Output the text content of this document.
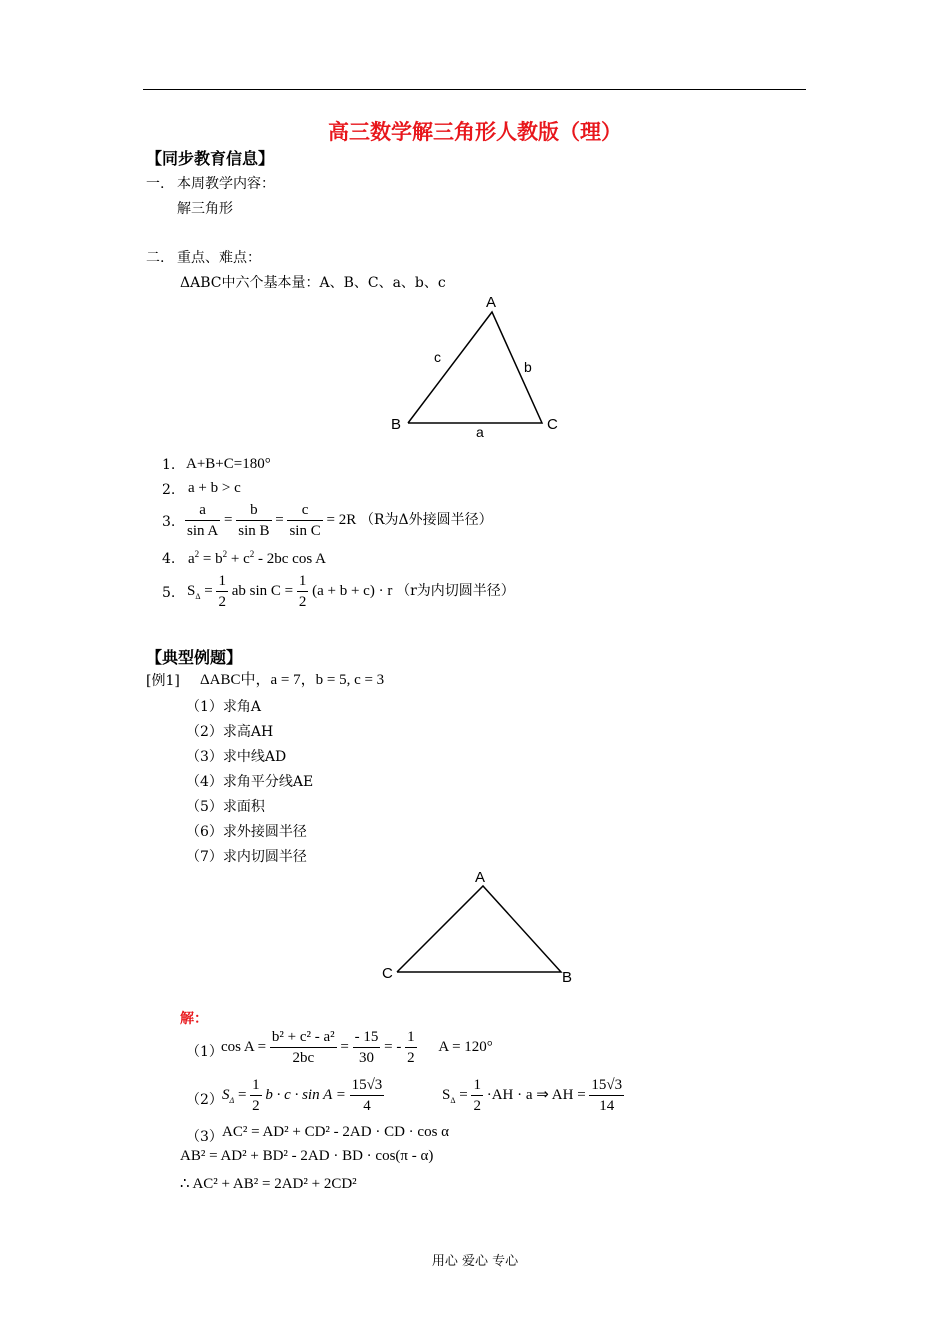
高三数学解三角形人教版（理）
【同步教育信息】
一. 本周教学内容：
解三角形
二. 重点、难点：
ΔABC中六个基本量：A、B、C、a、b、c
A
B	C
a
b
c
1. A+B+C=180°
2. a + b > c
3. $\frac{a}{\text{sin A}} = \frac{b}{\text{sin B}} = \frac{c}{\text{sin C}} = 2R$ （R为Δ外接圆半径）
4. $a^2 = b^2 + c^2 - 2bc$ cos A
5. $S_\Delta = \frac{1}{2}$ ab $\sin C = \frac{1}{2} (a + b + c) \cdot r$ （r为内切圆半径）
【典型例题】
[例1] ΔABC中，a = 7，b = 5, c = 3
（1）求角A
（2）求高AH
（3）求中线AD
（4）求角平分线AE
（5）求面积
（6）求外接圆半径
（7）求内切圆半径
A
C	B
解：
（1）
$\cos A = \frac{\text{b² + c² - a²}}{2bc} = \frac{- 15}{30}$ = - $\frac{1}{2}$ A = 120°
（2） $S_\Delta = \frac{1}{2}$ $b \cdot c \cdot \sin A = \frac{15√3}{4}$	$S_\Delta = \frac{1}{2} \cdot AH \cdot a$ ⇒ AH = $\frac{15√3}{14}$
（3） AC² = AD² + CD² - 2AD · CD · cos α
AB² = AD² + BD² - 2AD · BD · cos(π - α)
∴ AC² + AB² = 2AD² + 2CD²
用心 爱心 专心
